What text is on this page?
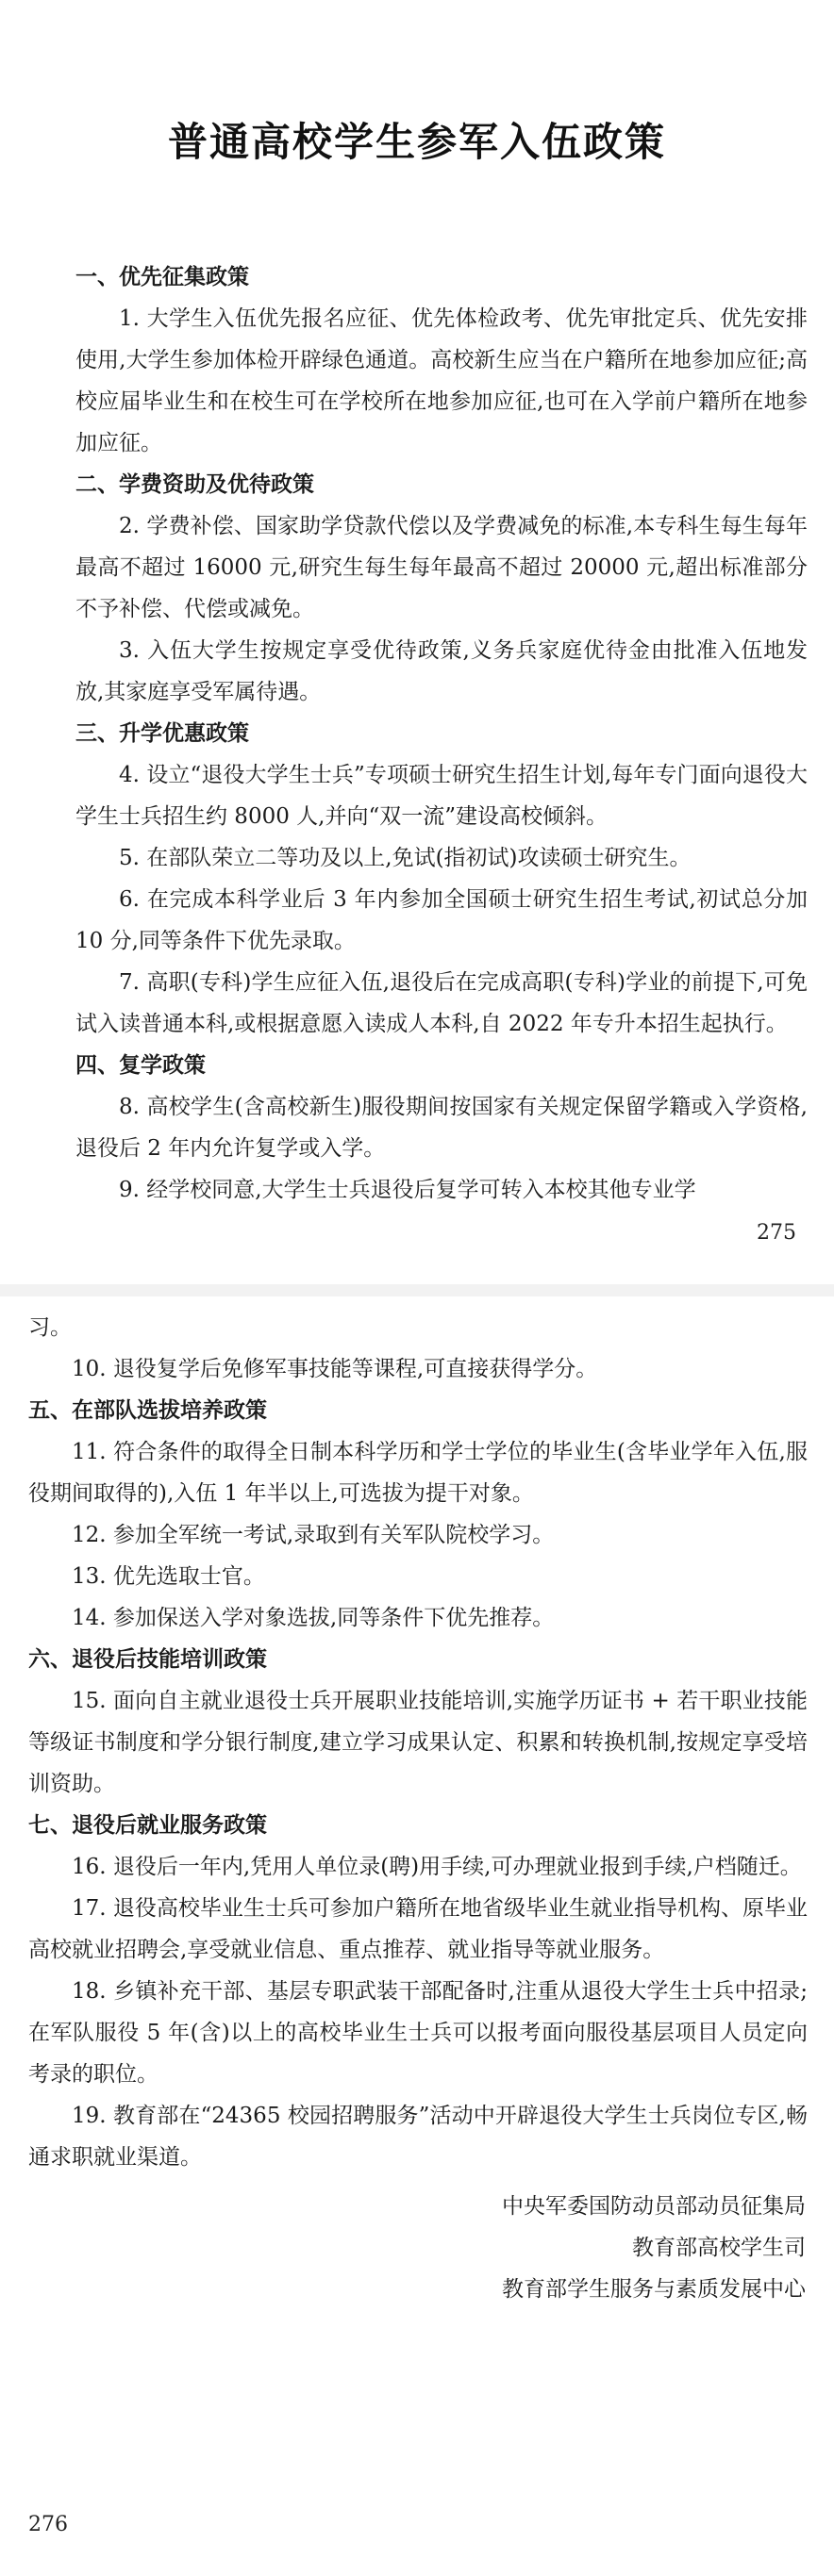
普通高校学生参军入伍政策

一、优先征集政策

1. 大学生入伍优先报名应征、优先体检政考、优先审批定兵、优先安排使用,大学生参加体检开辟绿色通道。高校新生应当在户籍所在地参加应征;高校应届毕业生和在校生可在学校所在地参加应征,也可在入学前户籍所在地参加应征。

二、学费资助及优待政策

2. 学费补偿、国家助学贷款代偿以及学费减免的标准,本专科生每生每年最高不超过 16000 元,研究生每生每年最高不超过 20000 元,超出标准部分不予补偿、代偿或减免。

3. 入伍大学生按规定享受优待政策,义务兵家庭优待金由批准入伍地发放,其家庭享受军属待遇。

三、升学优惠政策

4. 设立“退役大学生士兵”专项硕士研究生招生计划,每年专门面向退役大学生士兵招生约 8000 人,并向“双一流”建设高校倾斜。

5. 在部队荣立二等功及以上,免试(指初试)攻读硕士研究生。

6. 在完成本科学业后 3 年内参加全国硕士研究生招生考试,初试总分加 10 分,同等条件下优先录取。

7. 高职(专科)学生应征入伍,退役后在完成高职(专科)学业的前提下,可免试入读普通本科,或根据意愿入读成人本科,自 2022 年专升本招生起执行。

四、复学政策

8. 高校学生(含高校新生)服役期间按国家有关规定保留学籍或入学资格,退役后 2 年内允许复学或入学。

9. 经学校同意,大学生士兵退役后复学可转入本校其他专业学

275

习。

10. 退役复学后免修军事技能等课程,可直接获得学分。

五、在部队选拔培养政策

11. 符合条件的取得全日制本科学历和学士学位的毕业生(含毕业学年入伍,服役期间取得的),入伍 1 年半以上,可选拔为提干对象。

12. 参加全军统一考试,录取到有关军队院校学习。

13. 优先选取士官。

14. 参加保送入学对象选拔,同等条件下优先推荐。

六、退役后技能培训政策

15. 面向自主就业退役士兵开展职业技能培训,实施学历证书 + 若干职业技能等级证书制度和学分银行制度,建立学习成果认定、积累和转换机制,按规定享受培训资助。

七、退役后就业服务政策

16. 退役后一年内,凭用人单位录(聘)用手续,可办理就业报到手续,户档随迁。

17. 退役高校毕业生士兵可参加户籍所在地省级毕业生就业指导机构、原毕业高校就业招聘会,享受就业信息、重点推荐、就业指导等就业服务。

18. 乡镇补充干部、基层专职武装干部配备时,注重从退役大学生士兵中招录;在军队服役 5 年(含)以上的高校毕业生士兵可以报考面向服役基层项目人员定向考录的职位。

19. 教育部在“24365 校园招聘服务”活动中开辟退役大学生士兵岗位专区,畅通求职就业渠道。

中央军委国防动员部动员征集局
教育部高校学生司
教育部学生服务与素质发展中心
276
